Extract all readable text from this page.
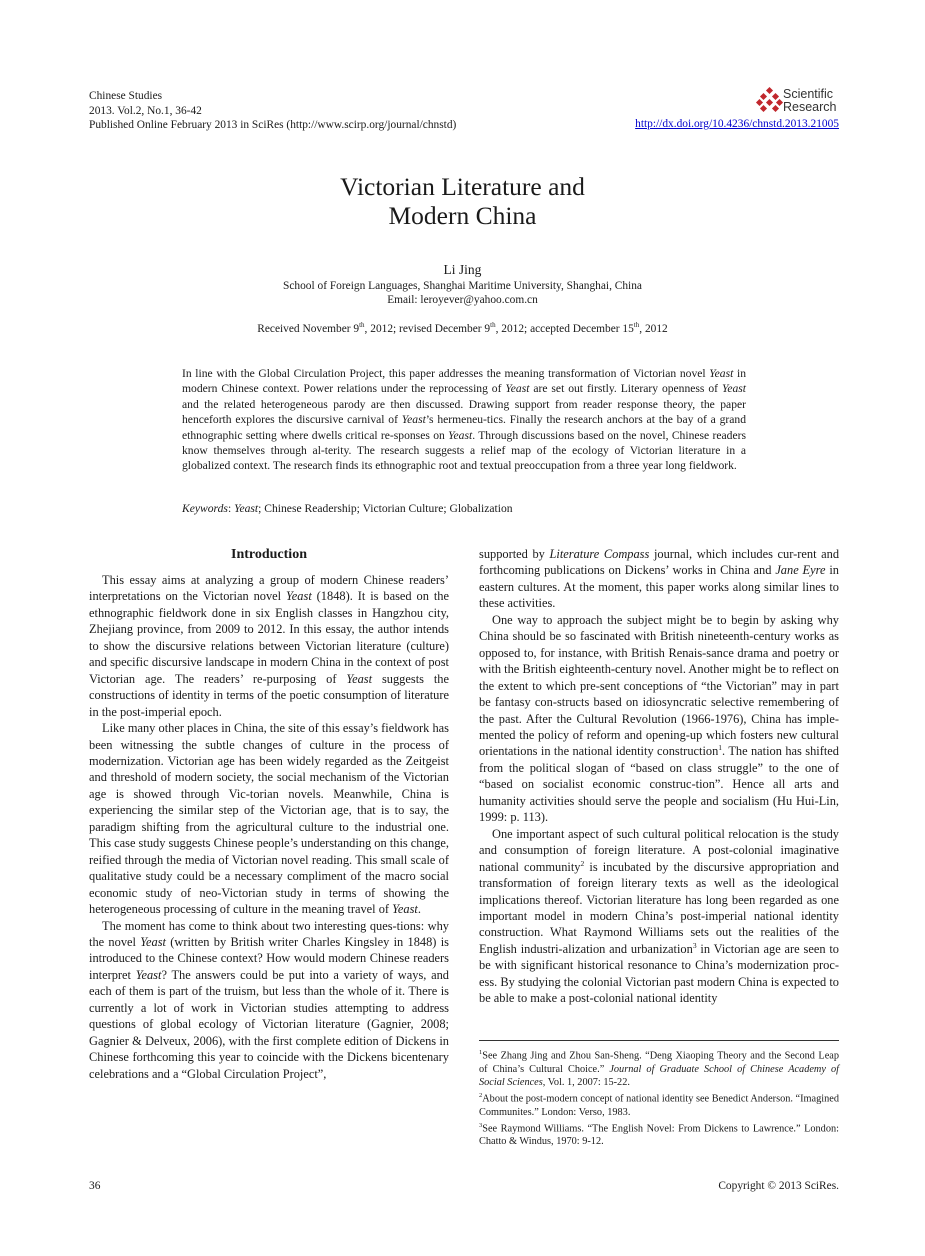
Chinese Studies
2013. Vol.2, No.1, 36-42
Published Online February 2013 in SciRes (http://www.scirp.org/journal/chnstd)
Scientific
Research
http://dx.doi.org/10.4236/chnstd.2013.21005
Victorian Literature and
Modern China
Li Jing
School of Foreign Languages, Shanghai Maritime University, Shanghai, China
Email: leroyever@yahoo.com.cn
Received November 9th, 2012; revised December 9th, 2012; accepted December 15th, 2012
In line with the Global Circulation Project, this paper addresses the meaning transformation of Victorian novel Yeast in modern Chinese context. Power relations under the reprocessing of Yeast are set out firstly. Literary openness of Yeast and the related heterogeneous parody are then discussed. Drawing support from reader response theory, the paper henceforth explores the discursive carnival of Yeast’s hermeneu-tics. Finally the research anchors at the bay of a grand ethnographic setting where dwells critical re-sponses on Yeast. Through discussions based on the novel, Chinese readers know themselves through al-terity. The research suggests a relief map of the ecology of Victorian literature in a globalized context. The research finds its ethnographic root and textual preoccupation from a three year long fieldwork.
Keywords: Yeast; Chinese Readership; Victorian Culture; Globalization
Introduction

This essay aims at analyzing a group of modern Chinese readers’ interpretations on the Victorian novel Yeast (1848). It is based on the ethnographic fieldwork done in six English classes in Hangzhou city, Zhejiang province, from 2009 to 2012. In this essay, the author intends to show the discursive relations between Victorian literature (culture) and specific discursive landscape in modern China in the context of post Victorian age. The readers’ re-purposing of Yeast suggests the constructions of identity in terms of the poetic consumption of literature in the post-imperial epoch.

Like many other places in China, the site of this essay’s fieldwork has been witnessing the subtle changes of culture in the process of modernization. Victorian age has been widely regarded as the Zeitgeist and threshold of modern society, the social mechanism of the Victorian age is showed through Vic-torian novels. Meanwhile, China is experiencing the similar step of the Victorian age, that is to say, the paradigm shifting from the agricultural culture to the industrial one. This case study suggests Chinese people’s understanding on this change, reified through the media of Victorian novel reading. This small scale of qualitative study could be a necessary compliment of the macro social economic study of neo-Victorian study in terms of showing the heterogeneous processing of culture in the meaning travel of Yeast.

The moment has come to think about two interesting ques-tions: why the novel Yeast (written by British writer Charles Kingsley in 1848) is introduced to the Chinese context? How would modern Chinese readers interpret Yeast? The answers could be put into a variety of ways, and each of them is part of the truism, but less than the whole of it. There is currently a lot of work in Victorian studies attempting to address questions of global ecology of Victorian literature (Gagnier, 2008; Gagnier & Delveux, 2006), with the first complete edition of Dickens in Chinese forthcoming this year to coincide with the Dickens bicentenary celebrations and a “Global Circulation Project”,

supported by Literature Compass journal, which includes cur-rent and forthcoming publications on Dickens’ works in China and Jane Eyre in eastern cultures. At the moment, this paper works along similar lines to these activities.

One way to approach the subject might be to begin by asking why China should be so fascinated with British nineteenth-century works as opposed to, for instance, with British Renais-sance drama and poetry or with the British eighteenth-century novel. Another might be to reflect on the extent to which pre-sent conceptions of “the Victorian” may in part be fantasy con-structs based on idiosyncratic selective remembering of the past. After the Cultural Revolution (1966-1976), China has imple-mented the policy of reform and opening-up which fosters new cultural orientations in the national identity construction$^1$. The nation has shifted from the political slogan of “based on class struggle” to the one of “based on socialist economic construc-tion”. Hence all arts and humanity activities should serve the people and socialism (Hu Hui-Lin, 1999: p. 113).

One important aspect of such cultural political relocation is the study and consumption of foreign literature. A post-colonial imaginative national community$^2$ is incubated by the discursive appropriation and transformation of foreign literary texts as well as the ideological implications thereof. Victorian literature has long been regarded as one important model in modern China’s post-imperial national identity construction. What Raymond Williams sets out the realities of the English industri-alization and urbanization$^3$ in Victorian age are seen to be with significant historical resonance to China’s modernization proc-ess. By studying the colonial Victorian past modern China is expected to be able to make a post-colonial national identity

$^1$See Zhang Jing and Zhou San-Sheng. “Deng Xiaoping Theory and the Second Leap of China’s Cultural Choice.” Journal of Graduate School of Chinese Academy of Social Sciences, Vol. 1, 2007: 15-22.

$^2$About the post-modern concept of national identity see Benedict Anderson. “Imagined Communites.” London: Verso, 1983.

$^3$See Raymond Williams. “The English Novel: From Dickens to Lawrence.” London: Chatto & Windus, 1970: 9-12.

36	Copyright © 2013 SciRes.
